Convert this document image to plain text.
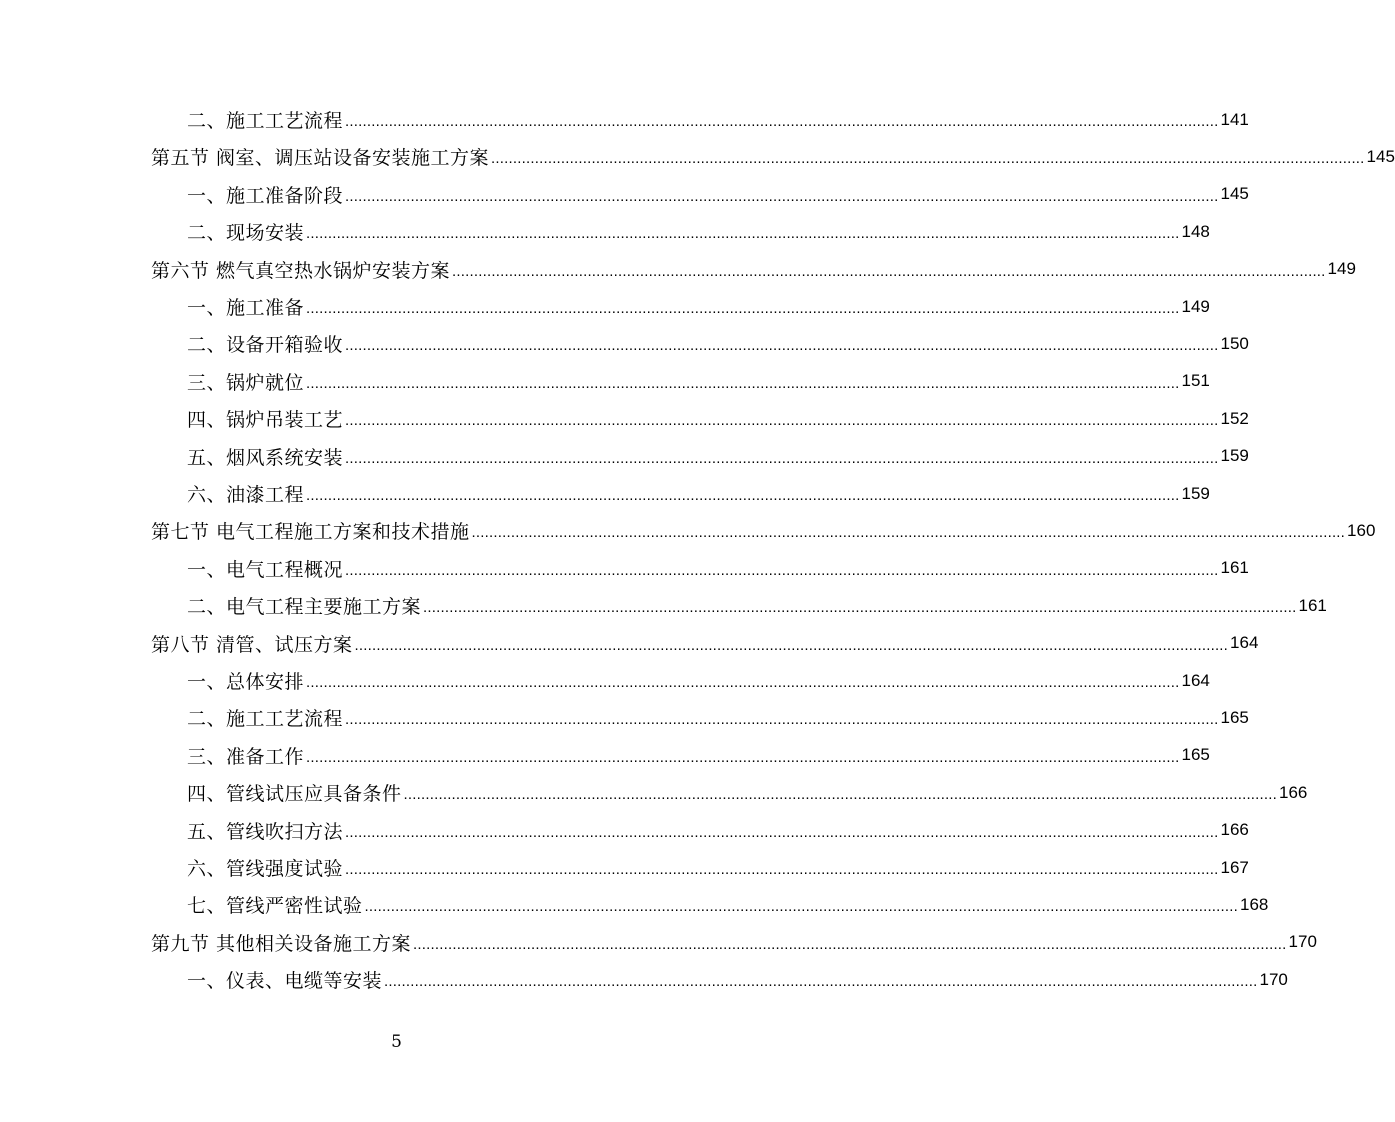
二、施工工艺流程 ........................................................................................................................................................................................................ 141
第五节 阀室、调压站设备安装施工方案 ........................................................................................................................................................................................................ 145
一、施工准备阶段 ........................................................................................................................................................................................................ 145
二、现场安装 ........................................................................................................................................................................................................ 148
第六节 燃气真空热水锅炉安装方案 ........................................................................................................................................................................................................ 149
一、施工准备 ........................................................................................................................................................................................................ 149
二、设备开箱验收 ........................................................................................................................................................................................................ 150
三、锅炉就位 ........................................................................................................................................................................................................ 151
四、锅炉吊装工艺 ........................................................................................................................................................................................................ 152
五、烟风系统安装 ........................................................................................................................................................................................................ 159
六、油漆工程 ........................................................................................................................................................................................................ 159
第七节 电气工程施工方案和技术措施 ........................................................................................................................................................................................................ 160
一、电气工程概况 ........................................................................................................................................................................................................ 161
二、电气工程主要施工方案 ........................................................................................................................................................................................................ 161
第八节 清管、试压方案 ........................................................................................................................................................................................................ 164
一、总体安排 ........................................................................................................................................................................................................ 164
二、施工工艺流程 ........................................................................................................................................................................................................ 165
三、准备工作 ........................................................................................................................................................................................................ 165
四、管线试压应具备条件 ........................................................................................................................................................................................................ 166
五、管线吹扫方法 ........................................................................................................................................................................................................ 166
六、管线强度试验 ........................................................................................................................................................................................................ 167
七、管线严密性试验 ........................................................................................................................................................................................................ 168
第九节 其他相关设备施工方案 ........................................................................................................................................................................................................ 170
一、仪表、电缆等安装 ........................................................................................................................................................................................................ 170
5
